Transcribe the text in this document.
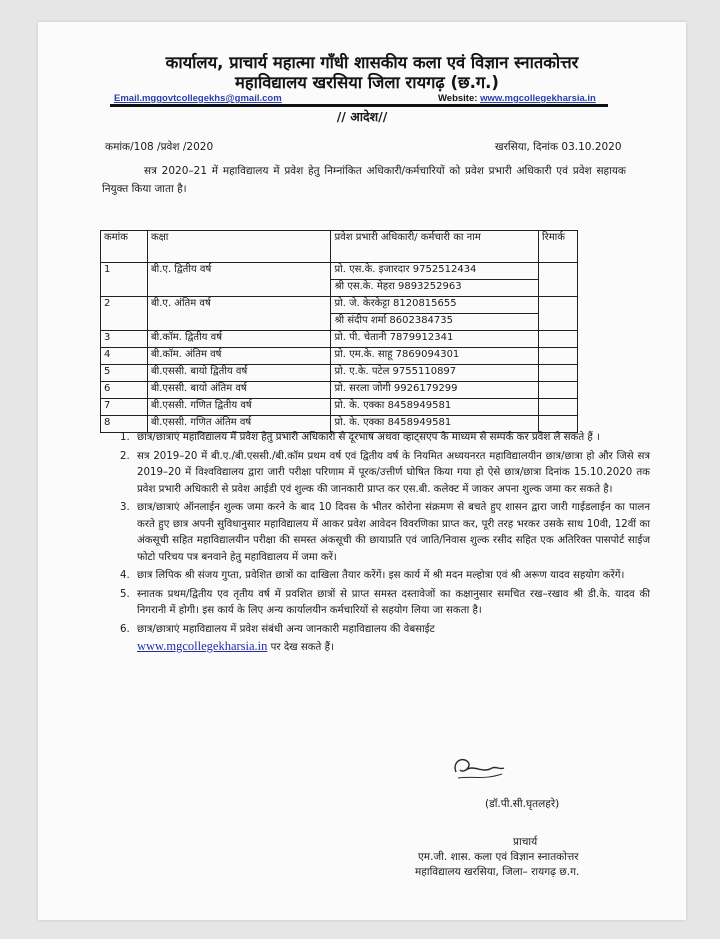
कार्यालय, प्राचार्य महात्मा गाँधी शासकीय कला एवं विज्ञान स्नातकोत्तर
महाविद्यालय खरसिया जिला रायगढ़ (छ.ग.)
Email.mggovtcollegekhs@gmail.com	Website: www.mgcollegekharsia.in
// आदेश//
कमांक/108 /प्रवेश /2020	खरसिया, दिनांक 03.10.2020
सत्र 2020–21 में महाविद्यालय में प्रवेश हेतु निम्नांकित अधिकारी/कर्मचारियों को प्रवेश प्रभारी अधिकारी एवं प्रवेश सहायक नियुक्त किया जाता है।
कमांक	कक्षा	प्रवेश प्रभारी अधिकारी/ कर्मचारी का नाम	रिमार्क
1	बी.ए. द्वितीय वर्ष	प्रो. एस.के. इजारदार 9752512434	
		श्री एस.के. मेहरा 9893252963	
2	बी.ए. अंतिम वर्ष	प्रो. जे. केरकेट्टा 8120815655	
		श्री संदीप शर्मा 8602384735	
3	बी.कॉम. द्वितीय वर्ष	प्रो. पी. चेतानी 7879912341	
4	बी.कॉम. अंतिम वर्ष	प्रो. एम.के. साहू 7869094301	
5	बी.एससी. बायो द्वितीय वर्ष	प्रो. ए.के. पटेल 9755110897	
6	बी.एससी. बायो अंतिम वर्ष	प्रो. सरला जोगी 9926179299	
7	बी.एससी. गणित द्वितीय वर्ष	प्रो. के. एक्का 8458949581	
8	बी.एससी. गणित अंतिम वर्ष	प्रो. के. एक्का 8458949581	
1. छात्र/छात्राएं महाविद्यालय में प्रवेश हेतु प्रभारी अधिकारी से दूरभाष अथवा व्हाट्सएप के माध्यम से सम्पर्क कर प्रवेश ले सकते हैं ।
2. सत्र 2019–20 में बी.ए./बी.एससी./बी.कॉम प्रथम वर्ष एवं द्वितीय वर्ष के नियमित अध्ययनरत महाविद्यालयीन छात्र/छात्रा हो और जिसे सत्र 2019–20 में विश्वविद्यालय द्वारा जारी परीक्षा परिणाम में पूरक/उत्तीर्ण घोषित किया गया हो ऐसे छात्र/छात्रा दिनांक 15.10.2020 तक प्रवेश प्रभारी अधिकारी से प्रवेश आईडी एवं शुल्क की जानकारी प्राप्त कर एस.बी. कलेक्ट में जाकर अपना शुल्क जमा कर सकते है।
3. छात्र/छात्राएं ऑनलाईन शुल्क जमा करने के बाद 10 दिवस के भीतर कोरोना संक्रमण से बचते हुए शासन द्वारा जारी गाईडलाईन का पालन करते हुए छात्र अपनी सुविधानुसार महाविद्यालय में आकर प्रवेश आवेदन विवरणिका प्राप्त कर, पूरी तरह भरकर उसके साथ 10वी, 12वीं का अंकसूची सहित महाविद्यालयीन परीक्षा की समस्त अंकसूची की छायाप्रति एवं जाति/निवास शुल्क रसीद सहित एक अतिरिक्त पासपोर्ट साईज फोटो परिचय पत्र बनवाने हेतु महाविद्यालय में जमा करें।
4. छात्र लिपिक श्री संजय गुप्ता, प्रवेशित छात्रों का दाखिला तैयार करेंगें। इस कार्य में श्री मदन मल्होत्रा एवं श्री अरूण यादव सहयोग करेंगें।
5. स्नातक प्रथम/द्वितीय एव तृतीय वर्ष में प्रवशित छात्रों से प्राप्त समस्त दस्तावेजों का कक्षानुसार समचित रख–रखाव श्री डी.के. यादव की निगरानी में होगी। इस कार्य के लिए अन्य कार्यालयीन कर्मचारियों से सहयोग लिया जा सकता है।
6. छात्र/छात्राएं महाविद्यालय में प्रवेश संबंधी अन्य जानकारी महाविद्यालय की वेबसाईट
www.mgcollegekharsia.in पर देख सकते हैं।
(डॉ.पी.सी.घृतलहरे)
प्राचार्य
एम.जी. शास. कला एवं विज्ञान स्नातकोत्तर
महाविद्यालय खरसिया, जिला– रायगढ़ छ.ग.
